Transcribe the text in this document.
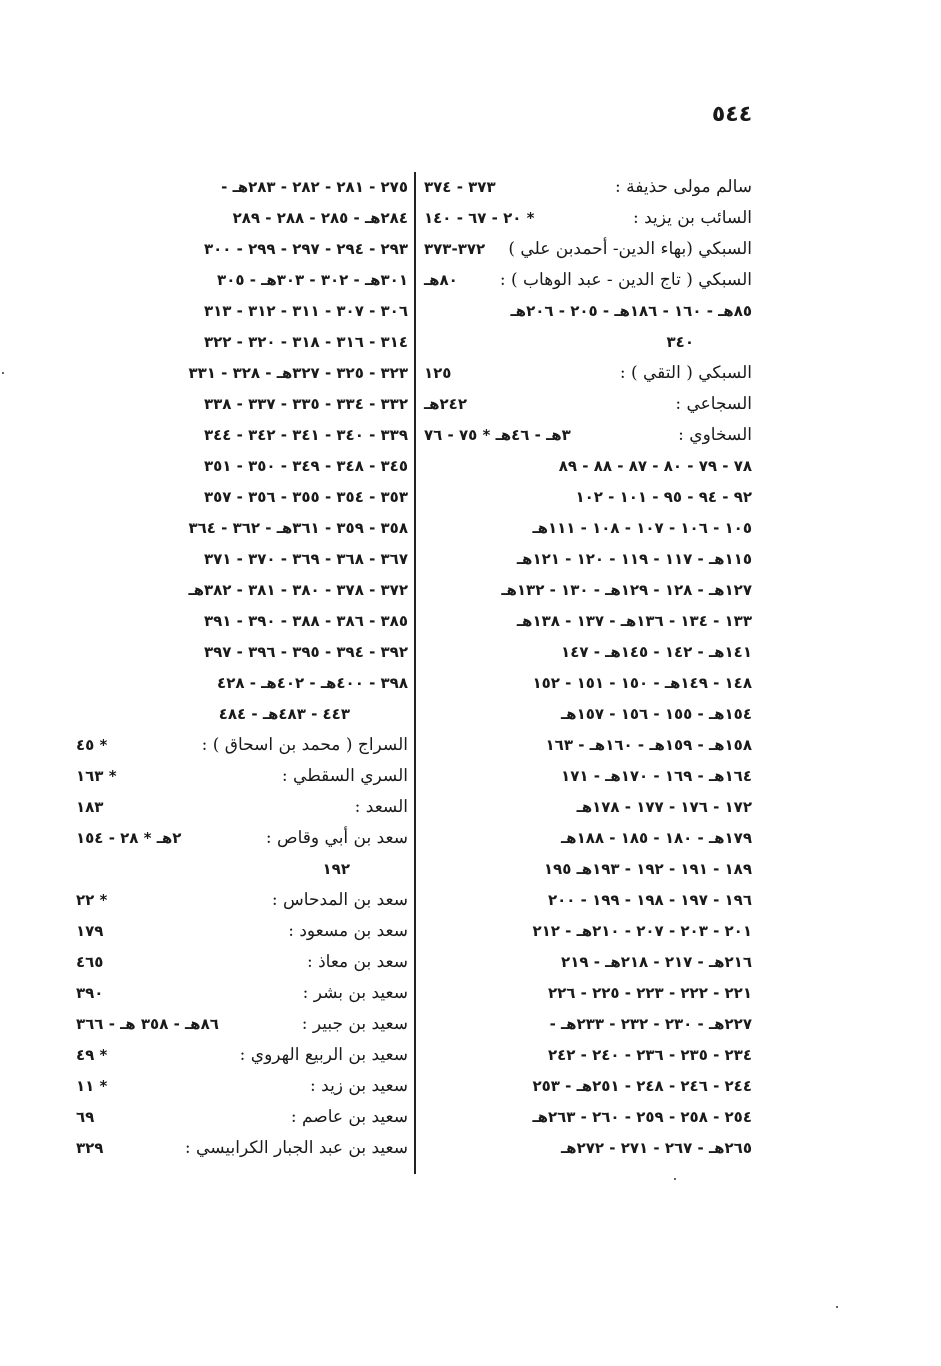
٥٤٤
سالم مولى حذيفة :
٣٧٣ - ٣٧٤
السائب بن يزيد :
* ٢٠ - ٦٧ - ١٤٠
السبكي (بهاء الدين- أحمدبن علي )
٣٧٢-٣٧٣
السبكي ( تاج الدين - عبد الوهاب ) :
٨٠هـ
٨٥هـ - ١٦٠ - ١٨٦هـ - ٢٠٥ - ٢٠٦هـ
٣٤٠
السبكي ( التقي ) :
١٢٥
السجاعي :
٢٤٢هـ
السخاوي :
٣هـ - ٤٦هـ * ٧٥ - ٧٦
٧٨ - ٧٩ - ٨٠ - ٨٧ - ٨٨ - ٨٩
٩٢ - ٩٤ - ٩٥ - ١٠١ - ١٠٢
١٠٥ - ١٠٦ - ١٠٧ - ١٠٨ - ١١١هـ
١١٥هـ - ١١٧ - ١١٩ - ١٢٠ - ١٢١هـ
١٢٧هـ - ١٢٨ - ١٢٩هـ - ١٣٠ - ١٣٢هـ
١٣٣ - ١٣٤ - ١٣٦هـ - ١٣٧ - ١٣٨هـ
١٤١هـ - ١٤٢ - ١٤٥هـ - ١٤٧
١٤٨ - ١٤٩هـ - ١٥٠ - ١٥١ - ١٥٢
١٥٤هـ - ١٥٥ - ١٥٦ - ١٥٧هـ
١٥٨هـ - ١٥٩هـ - ١٦٠هـ - ١٦٣
١٦٤هـ - ١٦٩ - ١٧٠هـ - ١٧١
١٧٢ - ١٧٦ - ١٧٧ - ١٧٨هـ
١٧٩هـ - ١٨٠ - ١٨٥ - ١٨٨هـ
١٨٩ - ١٩١ - ١٩٢ - ١٩٣هـ ١٩٥
١٩٦ - ١٩٧ - ١٩٨ - ١٩٩ - ٢٠٠
٢٠١ - ٢٠٣ - ٢٠٧ - ٢١٠هـ - ٢١٢
٢١٦هـ - ٢١٧ - ٢١٨هـ - ٢١٩
٢٢١ - ٢٢٢ - ٢٢٣ - ٢٢٥ - ٢٢٦
٢٢٧هـ - ٢٣٠ - ٢٣٢ - ٢٣٣هـ -
٢٣٤ - ٢٣٥ - ٢٣٦ - ٢٤٠ - ٢٤٢
٢٤٤ - ٢٤٦ - ٢٤٨ - ٢٥١هـ - ٢٥٣
٢٥٤ - ٢٥٨ - ٢٥٩ - ٢٦٠ - ٢٦٣هـ
٢٦٥هـ - ٢٦٧ - ٢٧١ - ٢٧٢هـ
٢٧٥ - ٢٨١ - ٢٨٢ - ٢٨٣هـ -
٢٨٤هـ - ٢٨٥ - ٢٨٨ - ٢٨٩
٢٩٣ - ٢٩٤ - ٢٩٧ - ٢٩٩ - ٣٠٠
٣٠١هـ - ٣٠٢ - ٣٠٣هـ - ٣٠٥
٣٠٦ - ٣٠٧ - ٣١١ - ٣١٢ - ٣١٣
٣١٤ - ٣١٦ - ٣١٨ - ٣٢٠ - ٣٢٢
٣٢٣ - ٣٢٥ - ٣٢٧هـ - ٣٢٨ - ٣٣١
٣٣٢ - ٣٣٤ - ٣٣٥ - ٣٣٧ - ٣٣٨
٣٣٩ - ٣٤٠ - ٣٤١ - ٣٤٢ - ٣٤٤
٣٤٥ - ٣٤٨ - ٣٤٩ - ٣٥٠ - ٣٥١
٣٥٣ - ٣٥٤ - ٣٥٥ - ٣٥٦ - ٣٥٧
٣٥٨ - ٣٥٩ - ٣٦١هـ - ٣٦٢ - ٣٦٤
٣٦٧ - ٣٦٨ - ٣٦٩ - ٣٧٠ - ٣٧١
٣٧٢ - ٣٧٨ - ٣٨٠ - ٣٨١ - ٣٨٢هـ
٣٨٥ - ٣٨٦ - ٣٨٨ - ٣٩٠ - ٣٩١
٣٩٢ - ٣٩٤ - ٣٩٥ - ٣٩٦ - ٣٩٧
٣٩٨ - ٤٠٠هـ - ٤٠٢هـ - ٤٢٨
٤٤٣ - ٤٨٣هـ - ٤٨٤
السراج ( محمد بن اسحاق ) :
* ٤٥
السري السقطي :
* ١٦٣
السعد :
١٨٣
سعد بن أبي وقاص :
٢هـ * ٢٨ - ١٥٤
١٩٢
سعد بن المدحاس :
* ٢٢
سعد بن مسعود :
١٧٩
سعد بن معاذ :
٤٦٥
سعيد بن بشر :
٣٩٠
سعيد بن جبير :
٨٦هـ - ٣٥٨ هـ - ٣٦٦
سعيد بن الربيع الهروي :
* ٤٩
سعيد بن زيد :
* ١١
سعيد بن عاصم :
٦٩
سعيد بن عبد الجبار الكرابيسي :
٣٢٩
